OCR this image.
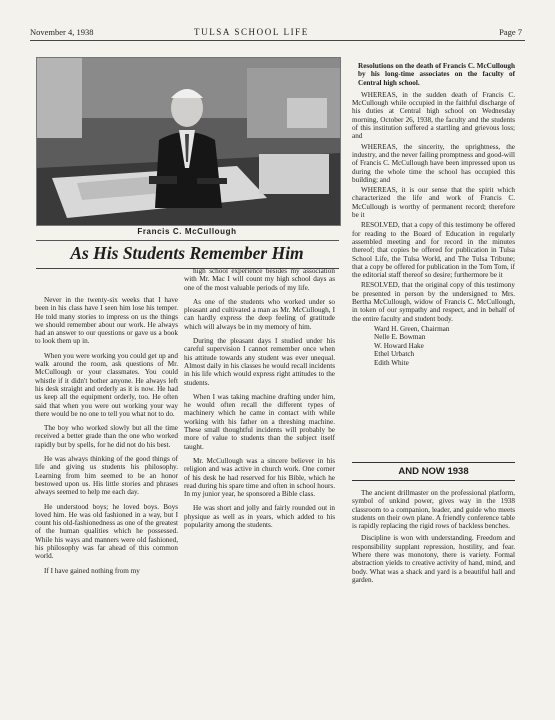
November 4, 1938	TULSA SCHOOL LIFE	Page 7
Francis C. McCullough
As His Students Remember Him

Never in the twenty-six weeks that I have been in his class have I seen him lose his temper. He told many stories to impress on us the things we should remember about our work. He always had an answer to our questions or gave us a book to look them up in.

When you were working you could get up and walk around the room, ask questions of Mr. McCullough or your classmates. You could whistle if it didn't bother anyone. He always left his desk straight and orderly as it is now. He had us keep all the equipment orderly, too. He often said that when you were out working your way there would be no one to tell you what not to do.

The boy who worked slowly but all the time received a better grade than the one who worked rapidly but by spells, for he did not do his best.

He was always thinking of the good things of life and giving us students his philosophy. Learning from him seemed to be an honor bestowed upon us. His little stories and phrases always seemed to help me each day.

He understood boys; he loved boys. Boys loved him. He was old fashioned in a way, but I count his old-fashionedness as one of the greatest of the human qualities which he possessed. While his ways and manners were old fashioned, his philosophy was far ahead of this common world.

If I have gained nothing from my

high school experience besides my association with Mr. Mac I will count my high school days as one of the most valuable periods of my life.

As one of the students who worked under so pleasant and cultivated a man as Mr. McCullough, I can hardly express the deep feeling of gratitude which will always be in my memory of him.

During the pleasant days I studied under his careful supervision I cannot remember once when his attitude towards any student was ever unequal. Almost daily in his classes he would recall incidents in his life which would express right attitudes to the students.

When I was taking machine drafting under him, he would often recall the different types of machinery which he came in contact with while working with his father on a threshing machine. These small thoughtful incidents will probably be more of value to students than the subject itself taught.

Mr. McCullough was a sincere believer in his religion and was active in church work. One corner of his desk he had reserved for his Bible, which he read during his spare time and often in school hours. In my junior year, he sponsored a Bible class.

He was short and jolly and fairly rounded out in physique as well as in years, which added to his popularity among the students.

Resolutions on the death of Francis C. McCullough by his long-time associates on the faculty of Central high school.

WHEREAS, in the sudden death of Francis C. McCullough while occupied in the faithful discharge of his duties at Central high school on Wednesday morning, October 26, 1938, the faculty and the students of this institution suffered a startling and grievous loss; and

WHEREAS, the sincerity, the uprightness, the industry, and the never failing promptness and good-will of Francis C. McCullough have been impressed upon us during the whole time the school has occupied this building; and

WHEREAS, it is our sense that the spirit which characterized the life and work of Francis C. McCullough is worthy of permanent record; therefore be it

RESOLVED, that a copy of this testimony be offered for reading to the Board of Education in regularly assembled meeting and for record in the minutes thereof; that copies be offered for publication in Tulsa School Life, the Tulsa World, and The Tulsa Tribune; that a copy be offered for publication in the Tom Tom, if the editorial staff thereof so desire; furthermore be it

RESOLVED, that the original copy of this testimony be presented in person by the undersigned to Mrs. Bertha McCullough, widow of Francis C. McCullough, in token of our sympathy and respect, and in behalf of the entire faculty and student body.

Ward H. Green, Chairman

Nelle E. Bowman

W. Howard Hake

Ethel Urbatch

Edith White

AND NOW 1938

The ancient drillmaster on the professional platform, symbol of unkind power, gives way in the 1938 classroom to a companion, leader, and guide who meets students on their own plane. A friendly conference table is rapidly replacing the rigid rows of backless benches.

Discipline is won with understanding. Freedom and responsibility supplant repression, hostility, and fear. Where there was monotony, there is variety. Formal abstraction yields to creative activity of hand, mind, and body. What was a shack and yard is a beautiful hall and garden.
